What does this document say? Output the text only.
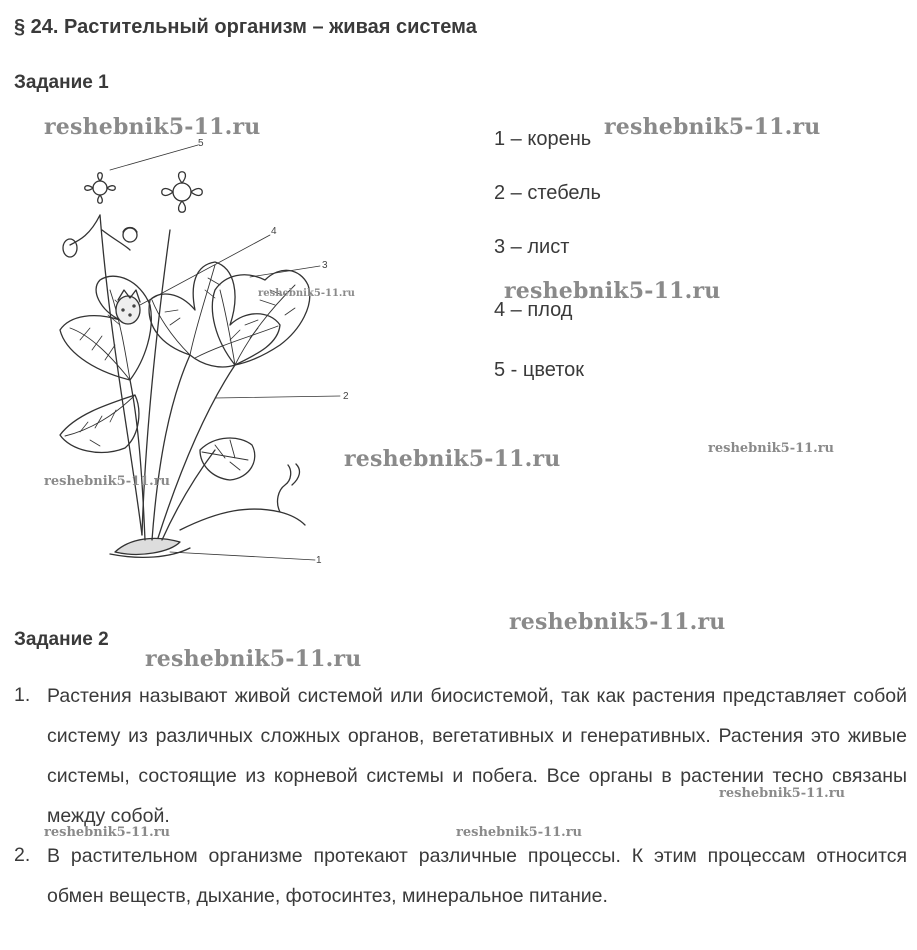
§ 24. Растительный организм – живая система
Задание 1
5
4
3
2
1
1 – корень
2 – стебель
3 – лист
4 – плод
5 - цветок
Задание 2
1. Растения называют живой системой или биосистемой, так как растения представляет собой систему из различных сложных органов, вегетативных и генеративных. Растения это живые системы, состоящие из корневой системы и побега. Все органы в растении тесно связаны между собой.
2. В растительном организме протекают различные процессы. К этим процессам относится обмен веществ, дыхание, фотосинтез, минеральное питание.
reshebnik5-11.ru	reshebnik5-11.ru
reshebnik5-11.ru	reshebnik5-11.ru
reshebnik5-11.ru
reshebnik5-11.ru
reshebnik5-11.ru
reshebnik5-11.ru
reshebnik5-11.ru
reshebnik5-11.ru
reshebnik5-11.ru	reshebnik5-11.ru
